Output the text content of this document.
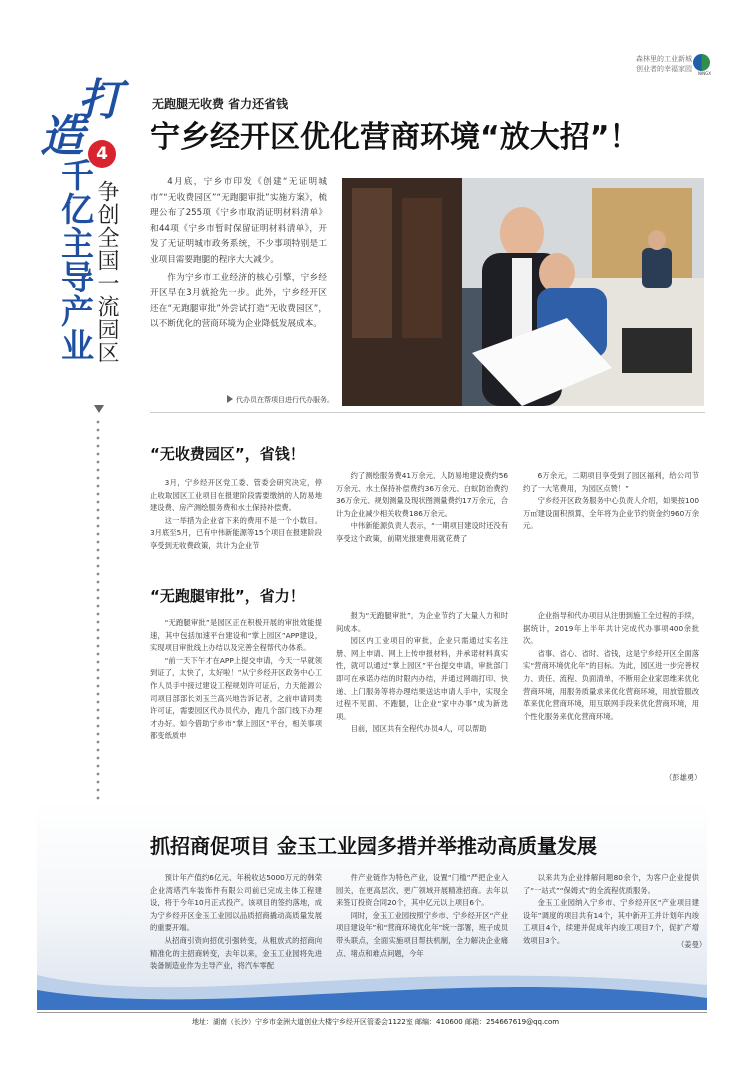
森林里的工业新城
创业者的幸福家园
NINGX
打
造 4
千亿主导产业 争创全国一流园区
无跑腿无收费 省力还省钱
宁乡经开区优化营商环境“放大招”！

4月底，宁乡市印发《创建“无证明城市”“无收费园区”“无跑腿审批”实施方案》，梳理公布了255项《宁乡市取消证明材料清单》和44项《宁乡市暂时保留证明材料清单》，开发了无证明城市政务系统，不少事项特别是工业项目需要跑腿的程序大大减少。

作为宁乡市工业经济的核心引擎，宁乡经开区早在3月就抢先一步。此外，宁乡经开区还在“无跑腿审批”外尝试打造“无收费园区”，以不断优化的营商环境为企业降低发展成本。

代办员在帮项目进行代办服务。
“无收费园区”，省钱！

3月，宁乡经开区党工委、管委会研究决定，停止收取园区工业项目在报建阶段需要缴纳的人防易地建设费、房产测绘服务费和水土保持补偿费。

这一举措为企业省下来的费用不是一个小数目。3月底至5月，已有中伟新能源等15个项目在报建阶段享受到无收费政策，共计为企业节

约了测绘服务费41万余元、人防易地建设费约56万余元、水土保持补偿费约36万余元、白蚁防治费约36万余元、规划测量及现状图测量费约17万余元，合计为企业减少相关收费186万余元。

中伟新能源负责人表示，“一期项目建设时还没有享受这个政策，前期光报建费用就花费了

6万余元，二期项目享受到了园区福利，给公司节约了一大笔费用，为园区点赞！”

宁乡经开区政务服务中心负责人介绍，如果按100万㎡建设面积预算，全年将为企业节约资金约960万余元。

“无跑腿审批”，省力！

“无跑腿审批”是园区正在积极开展的审批效能提速，其中包括加速平台建设和“掌上园区”APP建设，实现项目审批线上办结以及完善全程帮代办体系。

“前一天下午才在APP上提交申请，今天一早就领到证了，太快了，太好啦！”从宁乡经开区政务中心工作人员手中接过建设工程规划许可证后，力天能源公司项目部部长刘玉兰高兴地告诉记者，之前申请同类许可证，需要园区代办员代办，跑几个部门线下办理才办好。如今借助宁乡市“掌上园区”平台，相关事项都变纸质申

报为“无跑腿审批”，为企业节约了大量人力和时间成本。

园区内工业项目的审批，企业只需通过实名注册、网上申请、网上上传申报材料，并承诺材料真实性，就可以通过“掌上园区”平台提交申请，审批部门即可在承诺办结的时限内办结，并通过网端打印、快递、上门服务等将办理结果送达申请人手中，实现全过程不见面、不跑腿，让企业“家中办事”成为新选项。

目前，园区共有全程代办员4人，可以帮助

企业指导和代办项目从注册到施工全过程的手续，据统计，2019年上半年共计完成代办事项400余批次。

省事、省心、省时、省钱，这是宁乡经开区全面落实“营商环境优化年”的目标。为此，园区进一步完善权力、责任、流程、负面清单，不断用企业家思维来优化营商环境，用服务质量求来优化营商环境，用放管服改革来优化营商环境，用互联网手段来优化营商环境，用个性化服务来优化营商环境。

（彭雄勇）
抓招商促项目 金玉工业园多措并举推动高质量发展

预计年产值约6亿元、年税收达5000万元的韩荣企业湾塔汽车装饰件有限公司前已完成主体工程建设，将于今年10月正式投产。该项目的签约落地，成为宁乡经开区金玉工业园以品质招商撬动高质量发展的重要开端。

从招商引资向招优引强转变，从粗放式的招商向精准化的主招商转变，去年以来，金玉工业园将先进装备制造业作为主导产业，将汽车零配

件产业链作为特色产业，设置“门槛”严把企业入园关，在更高层次、更广领域开展精准招商。去年以来签订投资合同20个，其中亿元以上项目6个。

同时，金玉工业园按照宁乡市、宁乡经开区“产业项目建设年”和“营商环境优化年”统一部署，班子成员带头联点，全面实施项目帮扶机制，全力解决企业痛点、堵点和难点问题，今年

以来共为企业排解问题80余个，为客户企业提供了“一站式”“保姆式”的全流程优质服务。

金玉工业园纳入宁乡市、宁乡经开区“产业项目建设年”调度的项目共有14个，其中新开工并计划年内竣工项目4个，续建并促成年内竣工项目7个，促扩产增效项目3个。	（姜曼）
地址：湖南（长沙）宁乡市金洲大道创业大楼宁乡经开区管委会1122室 邮编：410600 邮箱：254667619@qq.com
